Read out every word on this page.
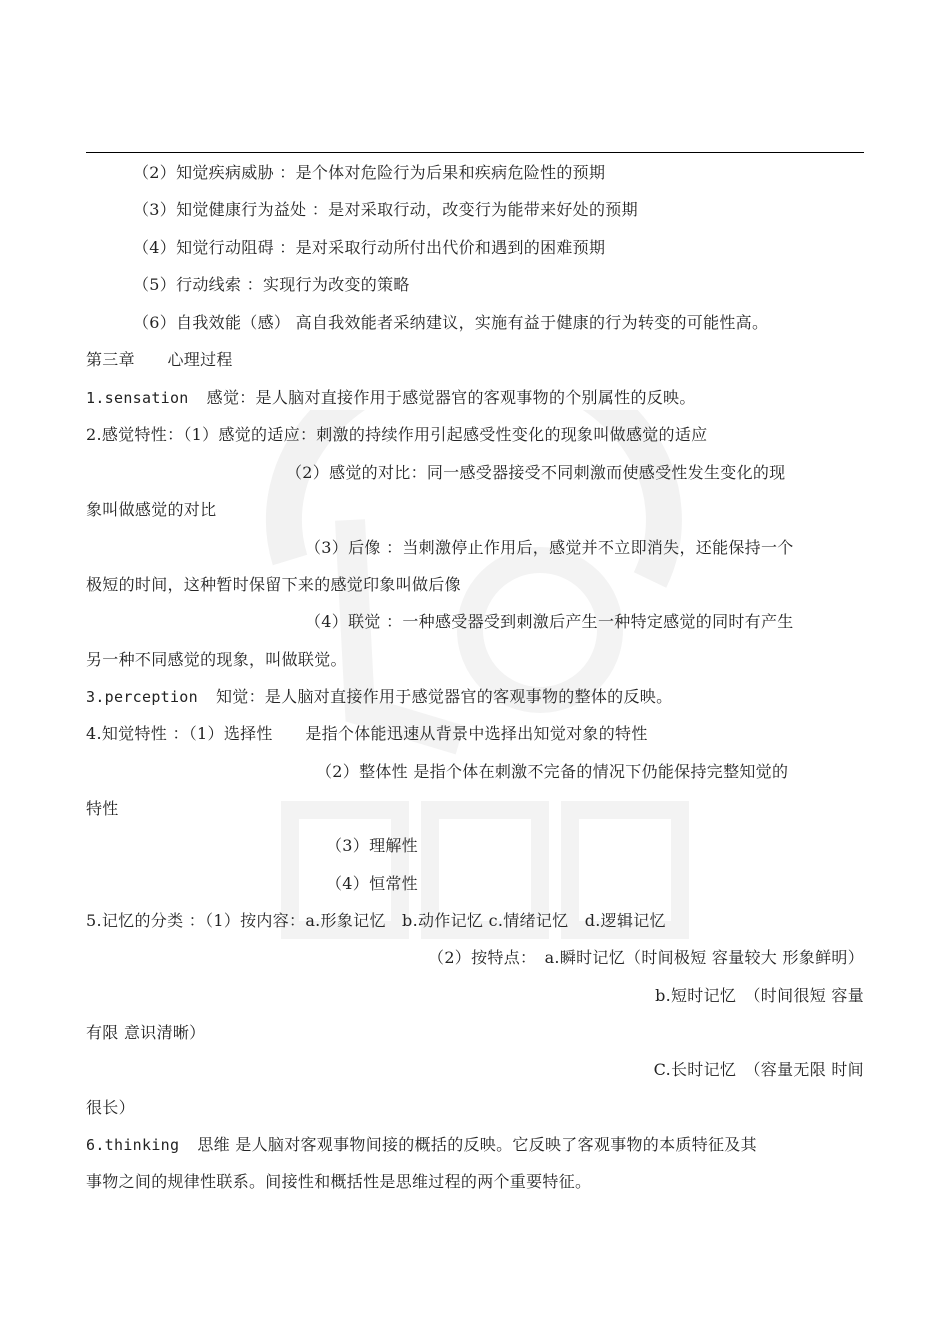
（2）知觉疾病威胁 ：是个体对危险行为后果和疾病危险性的预期
（3）知觉健康行为益处 ：是对采取行动，改变行为能带来好处的预期
（4）知觉行动阻碍 ：是对采取行动所付出代价和遇到的困难预期
（5）行动线索 ：实现行为改变的策略
（6）自我效能（感） 高自我效能者采纳建议，实施有益于健康的行为转变的可能性高。
第三章　　心理过程
1.sensation 感觉：是人脑对直接作用于感觉器官的客观事物的个别属性的反映。
2.感觉特性：（1）感觉的适应：刺激的持续作用引起感受性变化的现象叫做感觉的适应
（2）感觉的对比：同一感受器接受不同刺激而使感受性发生变化的现
象叫做感觉的对比
（3）后像 ：当刺激停止作用后，感觉并不立即消失，还能保持一个
极短的时间，这种暂时保留下来的感觉印象叫做后像
（4）联觉 ：一种感受器受到刺激后产生一种特定感觉的同时有产生
另一种不同感觉的现象，叫做联觉。
3.perception 知觉：是人脑对直接作用于感觉器官的客观事物的整体的反映。
4.知觉特性 ：（1）选择性　　是指个体能迅速从背景中选择出知觉对象的特性
（2）整体性 是指个体在刺激不完备的情况下仍能保持完整知觉的
特性
（3）理解性
（4）恒常性
5.记忆的分类 ：（1）按内容：a.形象记忆　b.动作记忆 c.情绪记忆　d.逻辑记忆
（2）按特点：　a.瞬时记忆（时间极短 容量较大 形象鲜明）
b.短时记忆　（时间很短 容量
有限 意识清晰）
C.长时记忆　（容量无限 时间
很长）
6.thinking 思维 是人脑对客观事物间接的概括的反映。它反映了客观事物的本质特征及其
事物之间的规律性联系。间接性和概括性是思维过程的两个重要特征。
